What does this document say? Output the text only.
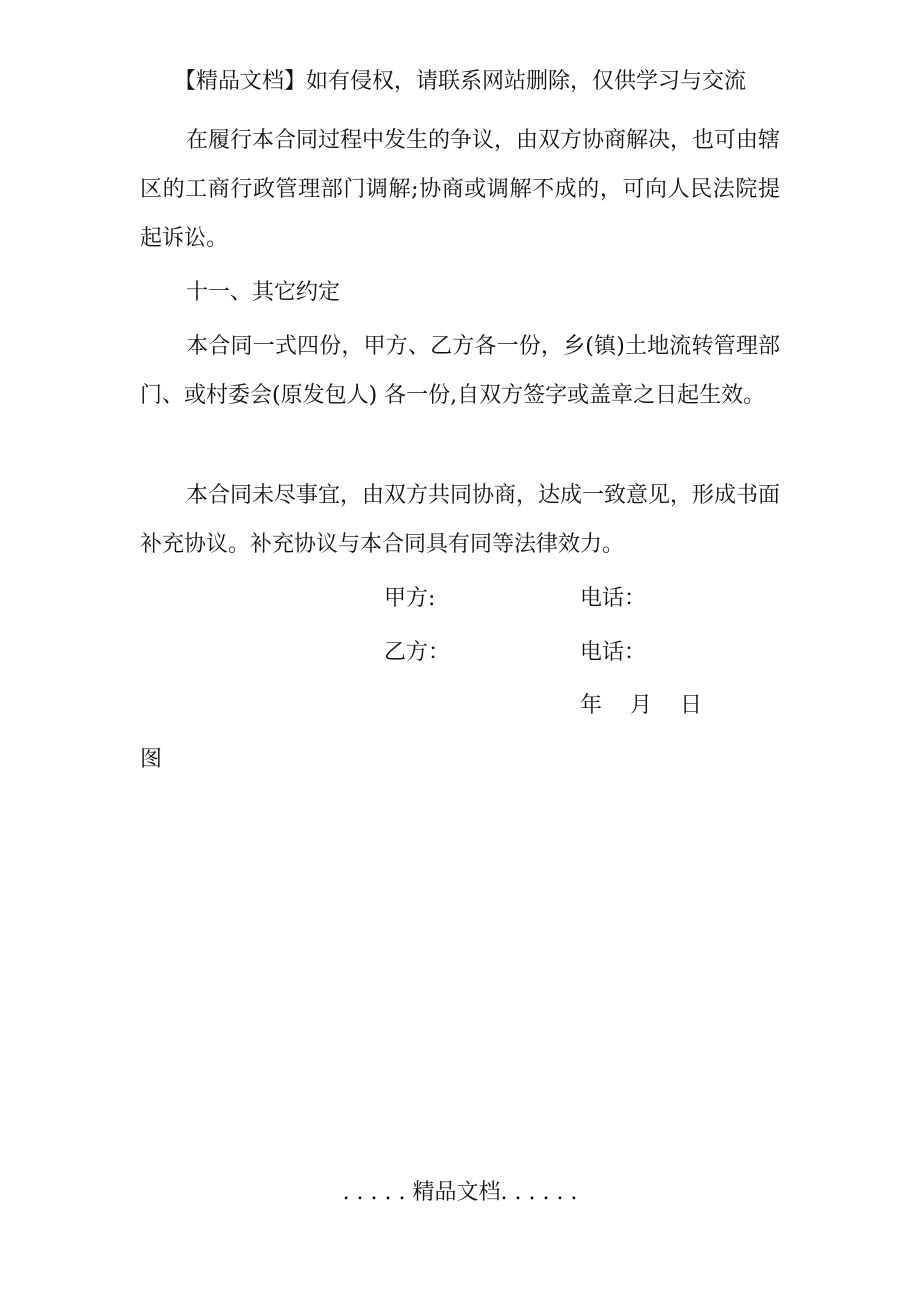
【精品文档】如有侵权，请联系网站删除，仅供学习与交流
在履行本合同过程中发生的争议，由双方协商解决，也可由辖区的工商行政管理部门调解;协商或调解不成的，可向人民法院提起诉讼。
十一、其它约定
本合同一式四份，甲方、乙方各一份，乡(镇)土地流转管理部门、或村委会(原发包人) 各一份,自双方签字或盖章之日起生效。
本合同未尽事宜，由双方共同协商，达成一致意见，形成书面补充协议。补充协议与本合同具有同等法律效力。
甲方:	电话：
乙方：	电话：
年    月    日
图
. . . . . 精品文档. . . . . .
